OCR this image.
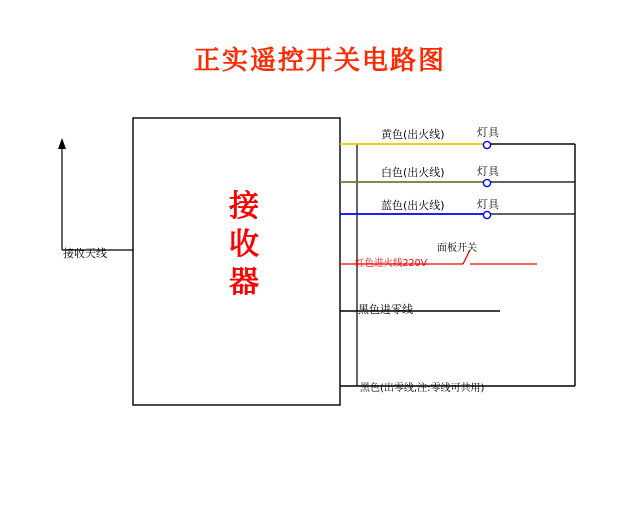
正实遥控开关电路图
接
收
器
接收天线
黄色(出火线)	灯具
白色(出火线)	灯具
蓝色(出火线)	灯具
红色进火线220V
面板开关
黑色进零线
黑色(出零线,注:零线可共用)
